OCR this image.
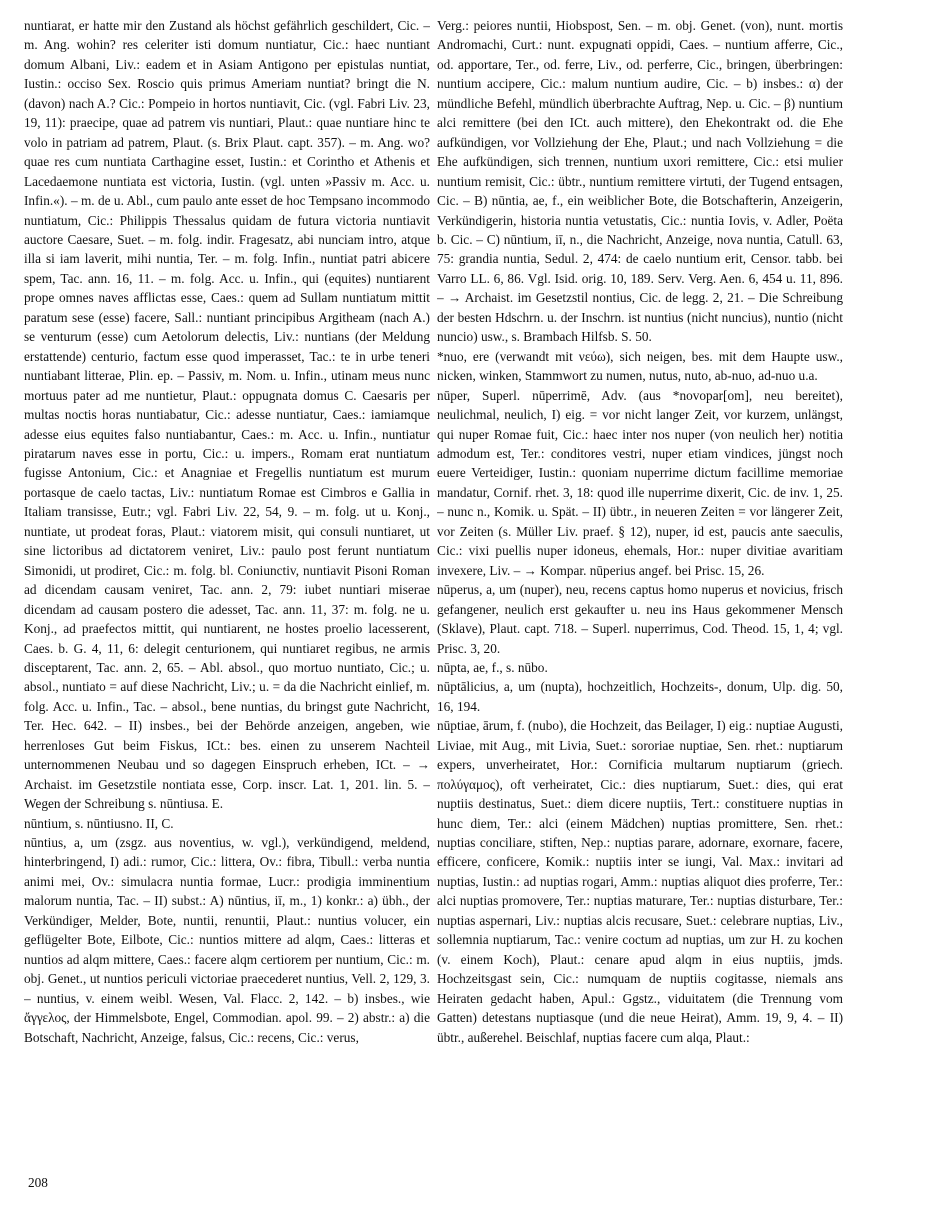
nuntiarat, er hatte mir den Zustand als höchst gefährlich geschildert, Cic. – m. Ang. wohin? res celeriter isti domum nuntiatur, Cic.: haec nuntiant domum Albani, Liv.: eadem et in Asiam Antigono per epistulas nuntiat, Iustin.: occiso Sex. Roscio quis primus Ameriam nuntiat? bringt die N. (davon) nach A.? Cic.: Pompeio in hortos nuntiavit, Cic. (vgl. Fabri Liv. 23, 19, 11): praecipe, quae ad patrem vis nuntiari, Plaut.: quae nuntiare hinc te volo in patriam ad patrem, Plaut. (s. Brix Plaut. capt. 357). – m. Ang. wo? quae res cum nuntiata Carthagine esset, Iustin.: et Corintho et Athenis et Lacedaemone nuntiata est victoria, Iustin. (vgl. unten »Passiv m. Acc. u. Infin.«). – m. de u. Abl., cum paulo ante esset de hoc Tempsano incommodo nuntiatum, Cic.: Philippis Thessalus quidam de futura victoria nuntiavit auctore Caesare, Suet. – m. folg. indir. Fragesatz, abi nunciam intro, atque illa si iam laverit, mihi nuntia, Ter. – m. folg. Infin., nuntiat patri abicere spem, Tac. ann. 16, 11. – m. folg. Acc. u. Infin., qui (equites) nuntiarent prope omnes naves afflictas esse, Caes.: quem ad Sullam nuntiatum mittit paratum sese (esse) facere, Sall.: nuntiant principibus Argitheam (nach A.) se venturum (esse) cum Aetolorum delectis, Liv.: nuntians (der Meldung erstattende) centurio, factum esse quod imperasset, Tac.: te in urbe teneri nuntiabant litterae, Plin. ep. – Passiv, m. Nom. u. Infin., utinam meus nunc mortuus pater ad me nuntietur, Plaut.: oppugnata domus C. Caesaris per multas noctis horas nuntiabatur, Cic.: adesse nuntiatur, Caes.: iamiamque adesse eius equites falso nuntiabantur, Caes.: m. Acc. u. Infin., nuntiatur piratarum naves esse in portu, Cic.: u. impers., Romam erat nuntiatum fugisse Antonium, Cic.: et Anagniae et Fregellis nuntiatum est murum portasque de caelo tactas, Liv.: nuntiatum Romae est Cimbros e Gallia in Italiam transisse, Eutr.; vgl. Fabri Liv. 22, 54, 9. – m. folg. ut u. Konj., nuntiate, ut prodeat foras, Plaut.: viatorem misit, qui consuli nuntiaret, ut sine lictoribus ad dictatorem veniret, Liv.: paulo post ferunt nuntiatum Simonidi, ut prodiret, Cic.: m. folg. bl. Coniunctiv, nuntiavit Pisoni Roman ad dicendam causam veniret, Tac. ann. 2, 79: iubet nuntiari miserae dicendam ad causam postero die adesset, Tac. ann. 11, 37: m. folg. ne u. Konj., ad praefectos mittit, qui nuntiarent, ne hostes proelio lacesserent, Caes. b. G. 4, 11, 6: delegit centurionem, qui nuntiaret regibus, ne armis disceptarent, Tac. ann. 2, 65. – Abl. absol., quo mortuo nuntiato, Cic.; u. absol., nuntiato = auf diese Nachricht, Liv.; u. = da die Nachricht einlief, m. folg. Acc. u. Infin., Tac. – absol., bene nuntias, du bringst gute Nachricht, Ter. Hec. 642. – II) insbes., bei der Behörde anzeigen, angeben, wie herrenloses Gut beim Fiskus, ICt.: bes. einen zu unserem Nachteil unternommenen Neubau und so dagegen Einspruch erheben, ICt. – → Archaist. im Gesetzstile nontiata esse, Corp. inscr. Lat. 1, 201. lin. 5. – Wegen der Schreibung s. nūntiusa. E.

nūntium, s. nūntiusno. II, C.

nūntius, a, um (zsgz. aus noventius, w. vgl.), verkündigend, meldend, hinterbringend, I) adi.: rumor, Cic.: littera, Ov.: fibra, Tibull.: verba nuntia animi mei, Ov.: simulacra nuntia formae, Lucr.: prodigia imminentium malorum nuntia, Tac. – II) subst.: A) nūntius, iī, m., 1) konkr.: a) übh., der Verkündiger, Melder, Bote, nuntii, renuntii, Plaut.: nuntius volucer, ein geflügelter Bote, Eilbote, Cic.: nuntios mittere ad alqm, Caes.: litteras et nuntios ad alqm mittere, Caes.: facere alqm certiorem per nuntium, Cic.: m. obj. Genet., ut nuntios periculi victoriae praecederet nuntius, Vell. 2, 129, 3. – nuntius, v. einem weibl. Wesen, Val. Flacc. 2, 142. – b) insbes., wie ἄγγελος, der Himmelsbote, Engel, Commodian. apol. 99. – 2) abstr.: a) die Botschaft, Nachricht, Anzeige, falsus, Cic.: recens, Cic.: verus,

Verg.: peiores nuntii, Hiobspost, Sen. – m. obj. Genet. (von), nunt. mortis Andromachi, Curt.: nunt. expugnati oppidi, Caes. – nuntium afferre, Cic., od. apportare, Ter., od. ferre, Liv., od. perferre, Cic., bringen, überbringen: nuntium accipere, Cic.: malum nuntium audire, Cic. – b) insbes.: α) der mündliche Befehl, mündlich überbrachte Auftrag, Nep. u. Cic. – β) nuntium alci remittere (bei den ICt. auch mittere), den Ehekontrakt od. die Ehe aufkündigen, vor Vollziehung der Ehe, Plaut.; und nach Vollziehung = die Ehe aufkündigen, sich trennen, nuntium uxori remittere, Cic.: etsi mulier nuntium remisit, Cic.: übtr., nuntium remittere virtuti, der Tugend entsagen, Cic. – B) nūntia, ae, f., ein weiblicher Bote, die Botschafterin, Anzeigerin, Verkündigerin, historia nuntia vetustatis, Cic.: nuntia Iovis, v. Adler, Poëta b. Cic. – C) nūntium, iī, n., die Nachricht, Anzeige, nova nuntia, Catull. 63, 75: grandia nuntia, Sedul. 2, 474: de caelo nuntium erit, Censor. tabb. bei Varro LL. 6, 86. Vgl. Isid. orig. 10, 189. Serv. Verg. Aen. 6, 454 u. 11, 896. – → Archaist. im Gesetzstil nontius, Cic. de legg. 2, 21. – Die Schreibung der besten Hdschrn. u. der Inschrn. ist nuntius (nicht nuncius), nuntio (nicht nuncio) usw., s. Brambach Hilfsb. S. 50.

*nuo, ere (verwandt mit νεύω), sich neigen, bes. mit dem Haupte usw., nicken, winken, Stammwort zu numen, nutus, nuto, ab-nuo, ad-nuo u.a.

nūper, Superl. nūperrimē, Adv. (aus *novopar[om], neu bereitet), neulichmal, neulich, I) eig. = vor nicht langer Zeit, vor kurzem, unlängst, qui nuper Romae fuit, Cic.: haec inter nos nuper (von neulich her) notitia admodum est, Ter.: conditores vestri, nuper etiam vindices, jüngst noch euere Verteidiger, Iustin.: quoniam nuperrime dictum facillime memoriae mandatur, Cornif. rhet. 3, 18: quod ille nuperrime dixerit, Cic. de inv. 1, 25. – nunc n., Komik. u. Spät. – II) übtr., in neueren Zeiten = vor längerer Zeit, vor Zeiten (s. Müller Liv. praef. § 12), nuper, id est, paucis ante saeculis, Cic.: vixi puellis nuper idoneus, ehemals, Hor.: nuper divitiae avaritiam invexere, Liv. – → Kompar. nūperius angef. bei Prisc. 15, 26.

nūperus, a, um (nuper), neu, recens captus homo nuperus et novicius, frisch gefangener, neulich erst gekaufter u. neu ins Haus gekommener Mensch (Sklave), Plaut. capt. 718. – Superl. nuperrimus, Cod. Theod. 15, 1, 4; vgl. Prisc. 3, 20.

nūpta, ae, f., s. nūbo.

nūptālicius, a, um (nupta), hochzeitlich, Hochzeits-, donum, Ulp. dig. 50, 16, 194.

nūptiae, ārum, f. (nubo), die Hochzeit, das Beilager, I) eig.: nuptiae Augusti, Liviae, mit Aug., mit Livia, Suet.: sororiae nuptiae, Sen. rhet.: nuptiarum expers, unverheiratet, Hor.: Cornificia multarum nuptiarum (griech. πολύγαμος), oft verheiratet, Cic.: dies nuptiarum, Suet.: dies, qui erat nuptiis destinatus, Suet.: diem dicere nuptiis, Tert.: constituere nuptias in hunc diem, Ter.: alci (einem Mädchen) nuptias promittere, Sen. rhet.: nuptias conciliare, stiften, Nep.: nuptias parare, adornare, exornare, facere, efficere, conficere, Komik.: nuptiis inter se iungi, Val. Max.: invitari ad nuptias, Iustin.: ad nuptias rogari, Amm.: nuptias aliquot dies proferre, Ter.: alci nuptias promovere, Ter.: nuptias maturare, Ter.: nuptias disturbare, Ter.: nuptias aspernari, Liv.: nuptias alcis recusare, Suet.: celebrare nuptias, Liv., sollemnia nuptiarum, Tac.: venire coctum ad nuptias, um zur H. zu kochen (v. einem Koch), Plaut.: cenare apud alqm in eius nuptiis, jmds. Hochzeitsgast sein, Cic.: numquam de nuptiis cogitasse, niemals ans Heiraten gedacht haben, Apul.: Ggstz., viduitatem (die Trennung vom Gatten) detestans nuptiasque (und die neue Heirat), Amm. 19, 9, 4. – II) übtr., außerehel. Beischlaf, nuptias facere cum alqa, Plaut.:

208
